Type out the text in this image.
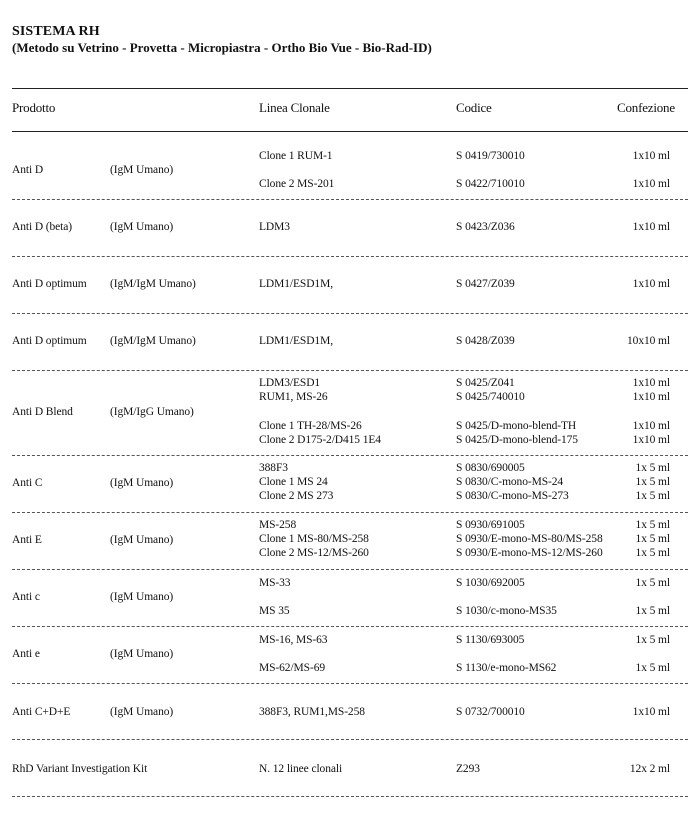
SISTEMA RH
(Metodo su Vetrino - Provetta - Micropiastra - Ortho Bio Vue - Bio-Rad-ID)
Prodotto	Linea Clonale	Codice	Confezione
Anti D	(IgM Umano)
Clone 1 RUM-1	S 0419/730010	1x10 ml
Clone 2 MS-201	S 0422/710010	1x10 ml
Anti D (beta)	(IgM Umano)	LDM3	S 0423/Z036	1x10 ml
Anti D optimum (IgM/IgM Umano)	LDM1/ESD1M,	S 0427/Z039	1x10 ml
Anti D optimum (IgM/IgM Umano)	LDM1/ESD1M,	S 0428/Z039	10x10 ml
Anti D Blend	(IgM/IgG Umano)
LDM3/ESD1	S 0425/Z041	1x10 ml
RUM1, MS-26	S 0425/740010	1x10 ml
Clone 1 TH-28/MS-26	S 0425/D-mono-blend-TH	1x10 ml
Clone 2 D175-2/D415 1E4	S 0425/D-mono-blend-175	1x10 ml
Anti C	(IgM Umano)
388F3	S 0830/690005	1x 5 ml
Clone 1 MS 24	S 0830/C-mono-MS-24	1x 5 ml
Clone 2 MS 273	S 0830/C-mono-MS-273	1x 5 ml
Anti E	(IgM Umano)
MS-258	S 0930/691005	1x 5 ml
Clone 1 MS-80/MS-258	S 0930/E-mono-MS-80/MS-258	1x 5 ml
Clone 2 MS-12/MS-260	S 0930/E-mono-MS-12/MS-260	1x 5 ml
Anti c	(IgM Umano)
MS-33	S 1030/692005	1x 5 ml
MS 35	S 1030/c-mono-MS35	1x 5 ml
Anti e	(IgM Umano)
MS-16, MS-63	S 1130/693005	1x 5 ml
MS-62/MS-69	S 1130/e-mono-MS62	1x 5 ml
Anti C+D+E	(IgM Umano)	388F3, RUM1,MS-258	S 0732/700010	1x10 ml
RhD Variant Investigation Kit	N. 12 linee clonali	Z293	12x 2 ml
